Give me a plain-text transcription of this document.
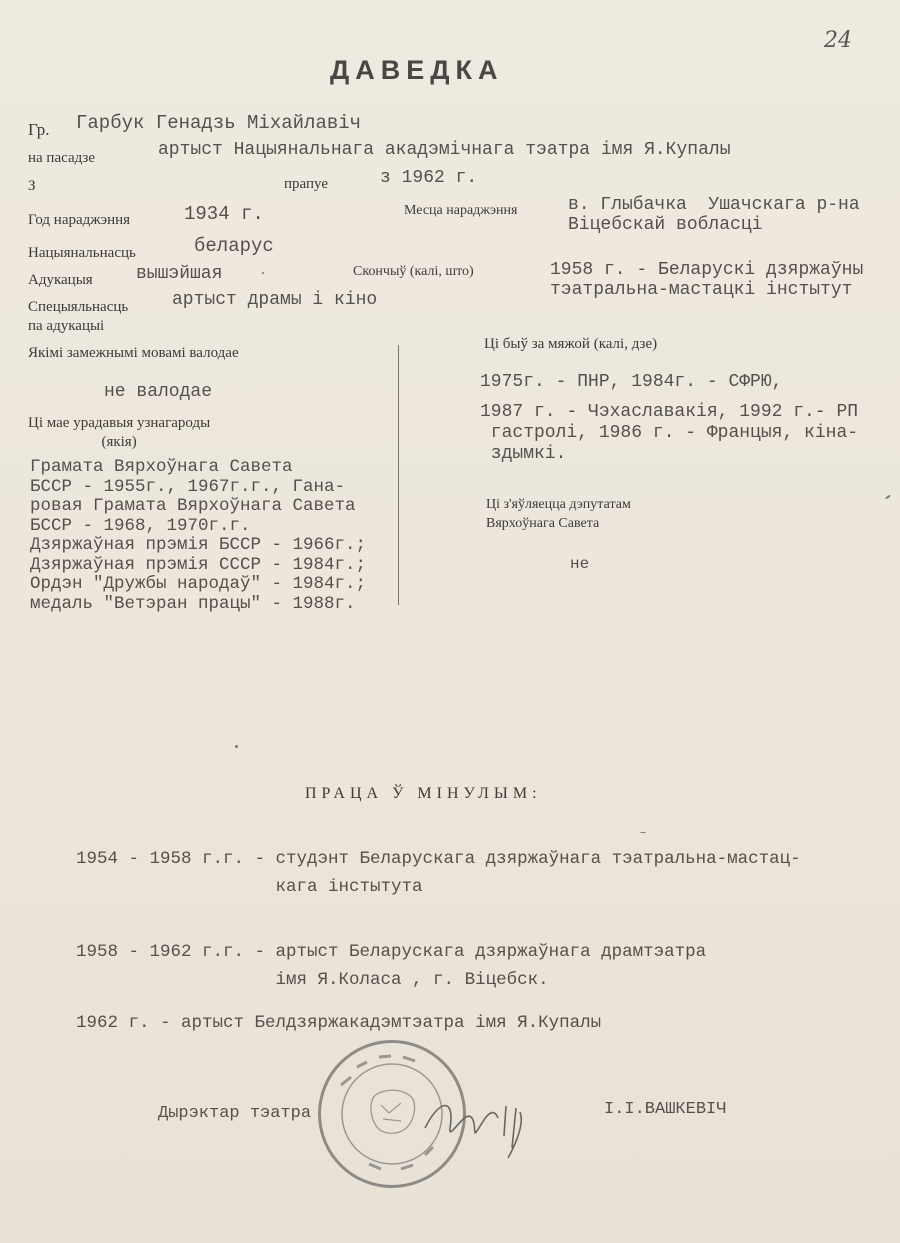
24
ДАВЕДКА
Гр. Гарбук Генадзь Міхайлавіч
на пасадзе	артыст Нацыянальнага акадэмічнага тэатра імя Я.Купалы
З	прапуе	з 1962 г.
Год нараджэння	1934 г.	Месца нараджэння	в. Глыбачка  Ушачскага р-на
Віцебскай вобласці
Нацыянальнасць	беларус
Адукацыя вышэйшая	Скончыў (калі, што)	1958 г. - Беларускі дзяржаўны
тэатральна-мастацкі інстытут
Спецыяльнасць
па адукацыі
артыст драмы і кіно
Якімі замежнымі мовамі валодае
не валодае
Ці мае урадавыя узнагароды
(якія)
Грамата Вярхоўнага Савета
БССР - 1955г., 1967г.г., Гана-
ровая Грамата Вярхоўнага Савета
БССР - 1968, 1970г.г.
Дзяржаўная прэмія БССР - 1966г.;
Дзяржаўная прэмія СССР - 1984г.;
Ордэн "Дружбы народаў" - 1984г.;
медаль "Ветэран працы" - 1988г.
Ці быў за мяжой (калі, дзе)
1975г. - ПНР, 1984г. - СФРЮ,
1987 г. - Чэхаславакія, 1992 г.- РП
гастролі, 1986 г. - Францыя, кіна-
здымкі.
Ці з'яўляецца дэпутатам
Вярхоўнага Савета
не
ПРАЦА Ў МІНУЛЫМ:
1954 - 1958 г.г. - студэнт Беларускага дзяржаўнага тэатральна-мастац-
кага інстытута
1958 - 1962 г.г. - артыст Беларускага дзяржаўнага драмтэатра
імя Я.Коласа , г. Віцебск.
1962 г. - артыст Белдзяржакадэмтэатра імя Я.Купалы
Дырэктар тэатра	І.І.ВАШКЕВІЧ
